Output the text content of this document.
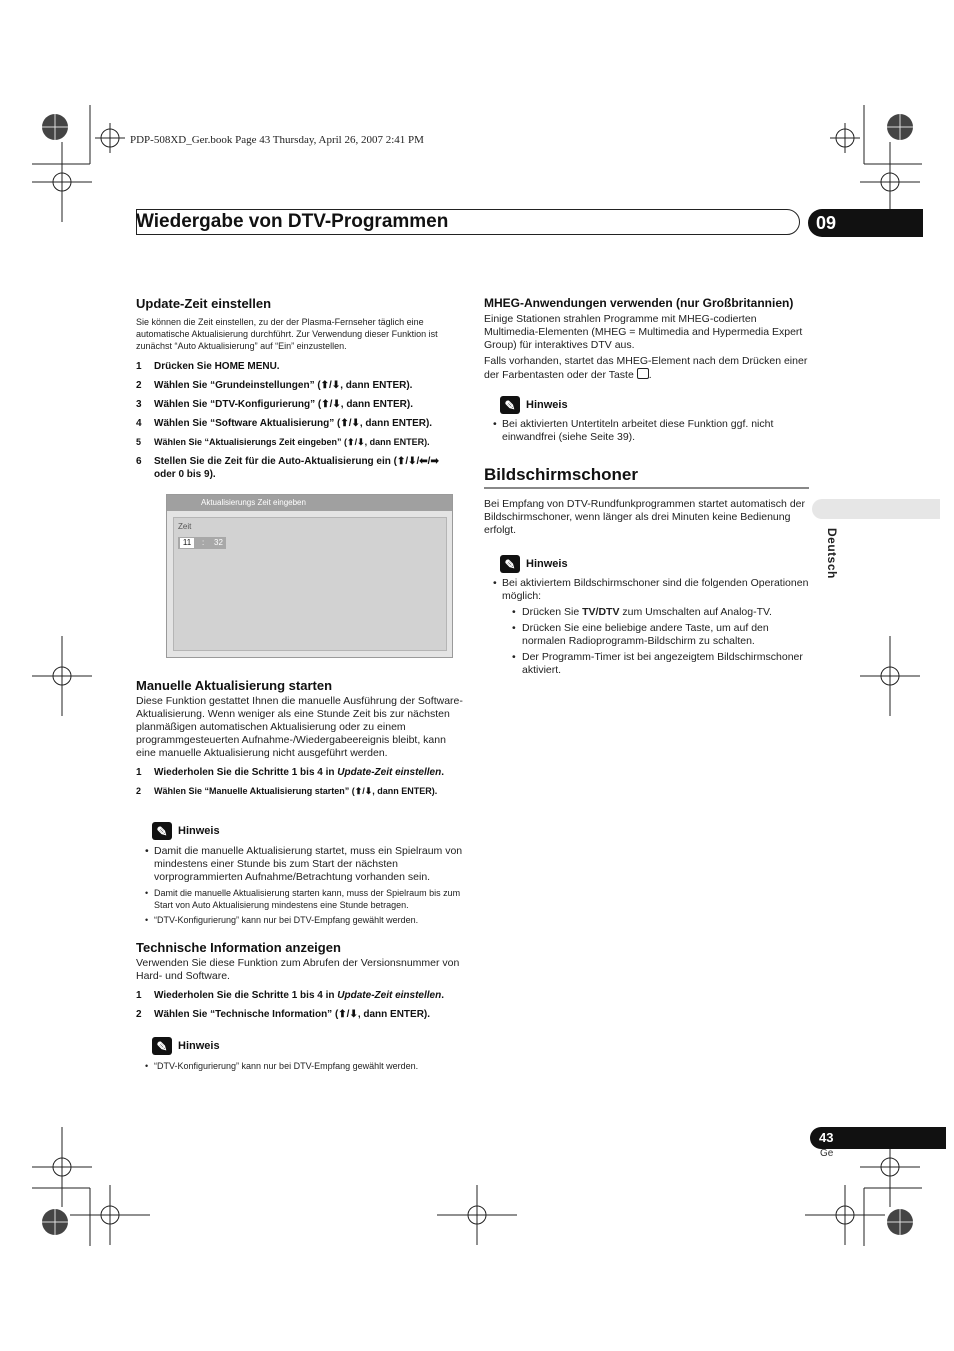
PDP-508XD_Ger.book Page 43 Thursday, April 26, 2007 2:41 PM
Wiedergabe von DTV-Programmen	09
Update-Zeit einstellen

Sie können die Zeit einstellen, zu der der Plasma-Fernseher täglich eine automatische Aktualisierung durchführt. Zur Verwendung dieser Funktion ist zunächst “Auto Aktualisierung” auf “Ein” einzustellen.

1 Drücken Sie HOME MENU.
2 Wählen Sie “Grundeinstellungen” (⬆/⬇, dann ENTER).
3 Wählen Sie “DTV-Konfigurierung” (⬆/⬇, dann ENTER).
4 Wählen Sie “Software Aktualisierung” (⬆/⬇, dann ENTER).
5 Wählen Sie “Aktualisierungs Zeit eingeben” (⬆/⬇, dann ENTER).
6 Stellen Sie die Zeit für die Auto-Aktualisierung ein (⬆/⬇/⬅/➡ oder 0 bis 9).
Aktualisierungs Zeit eingeben
Zeit
11	: 32
Manuelle Aktualisierung starten

Diese Funktion gestattet Ihnen die manuelle Ausführung der Software-Aktualisierung. Wenn weniger als eine Stunde Zeit bis zur nächsten planmäßigen automatischen Aktualisierung oder zu einem programmgesteuerten Aufnahme-/Wiedergabeereignis bleibt, kann eine manuelle Aktualisierung nicht ausgeführt werden.

1 Wiederholen Sie die Schritte 1 bis 4 in Update-Zeit einstellen.
2 Wählen Sie “Manuelle Aktualisierung starten” (⬆/⬇, dann ENTER).
✎ Hinweis
• Damit die manuelle Aktualisierung startet, muss ein Spielraum von mindestens einer Stunde bis zum Start der nächsten vorprogrammierten Aufnahme/Betrachtung vorhanden sein.
• Damit die manuelle Aktualisierung starten kann, muss der Spielraum bis zum Start von Auto Aktualisierung mindestens eine Stunde betragen.
• “DTV-Konfigurierung” kann nur bei DTV-Empfang gewählt werden.
Technische Information anzeigen

Verwenden Sie diese Funktion zum Abrufen der Versionsnummer von Hard- und Software.

1 Wiederholen Sie die Schritte 1 bis 4 in Update-Zeit einstellen.
2 Wählen Sie “Technische Information” (⬆/⬇, dann ENTER).
✎ Hinweis
• “DTV-Konfigurierung” kann nur bei DTV-Empfang gewählt werden.
MHEG-Anwendungen verwenden (nur Großbritannien)

Einige Stationen strahlen Programme mit MHEG-codierten Multimedia-Elementen (MHEG = Multimedia and Hypermedia Expert Group) für interaktives DTV aus.

Falls vorhanden, startet das MHEG-Element nach dem Drücken einer der Farbentasten oder der Taste .

✎ Hinweis
• Bei aktivierten Untertiteln arbeitet diese Funktion ggf. nicht einwandfrei (siehe Seite 39).
Bildschirmschoner

Bei Empfang von DTV-Rundfunkprogrammen startet automatisch der Bildschirmschoner, wenn länger als drei Minuten keine Bedienung erfolgt.

✎ Hinweis
• Bei aktiviertem Bildschirmschoner sind die folgenden Operationen möglich:
• Drücken Sie TV/DTV zum Umschalten auf Analog-TV.
• Drücken Sie eine beliebige andere Taste, um auf den normalen Radioprogramm-Bildschirm zu schalten.
• Der Programm-Timer ist bei angezeigtem Bildschirmschoner aktiviert.
Deutsch
43
Ge
